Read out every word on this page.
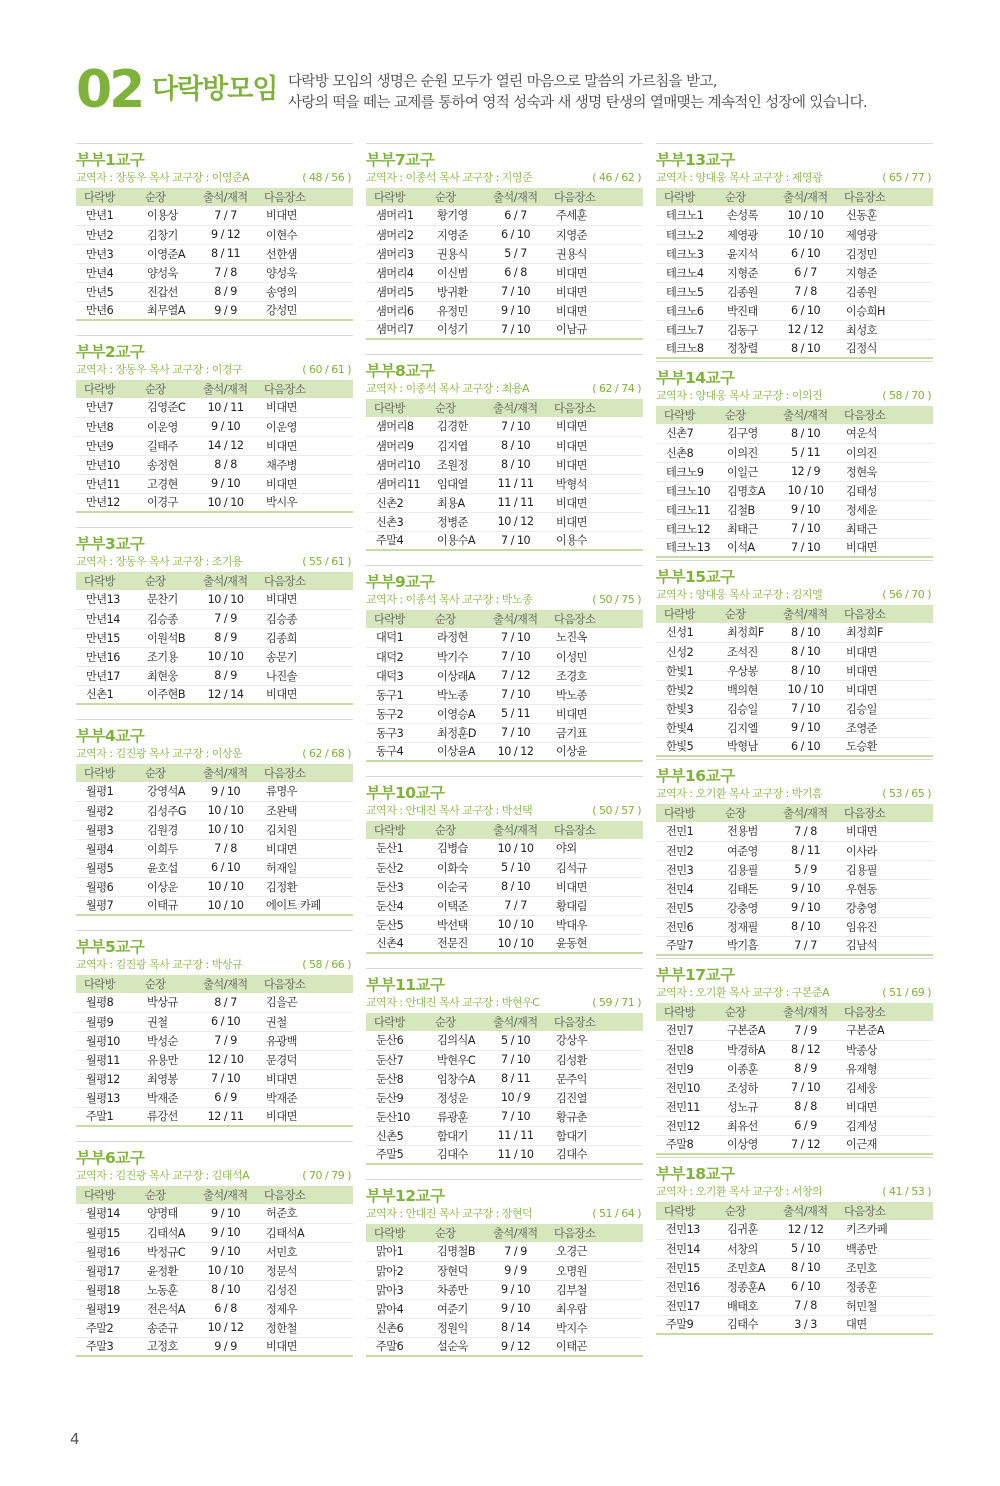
02 다락방모임 다락방 모임의 생명은 순원 모두가 열린 마음으로 말씀의 가르침을 받고,
사랑의 떡을 떼는 교제를 통하여 영적 성숙과 새 생명 탄생의 열매맺는 계속적인 성장에 있습니다.
부부1교구
교역자 : 장동우 목사 교구장 : 이영준A	( 48 / 56 )
다락방	순장	출석/재적	다음장소
만년1	이용상	7 / 7	비대면
만년2	김창기	9 / 12	이현수
만년3	이영준A	8 / 11	선한샘
만년4	양성욱	7 / 8	양성욱
만년5	진갑선	8 / 9	송영의
만년6	최무열A	9 / 9	강성민
부부2교구
교역자 : 장동우 목사 교구장 : 이경구	( 60 / 61 )
다락방	순장	출석/재적	다음장소
만년7	김영준C	10 / 11	비대면
만년8	이운영	9 / 10	이운영
만년9	길태주	14 / 12	비대면
만년10	송정현	8 / 8	채주병
만년11	고경현	9 / 10	비대면
만년12	이경구	10 / 10	박시우
부부3교구
교역자 : 장동우 목사 교구장 : 조기용	( 55 / 61 )
다락방	순장	출석/재적	다음장소
만년13	문찬기	10 / 10	비대면
만년14	김승종	7 / 9	김승종
만년15	이원석B	8 / 9	김종희
만년16	조기용	10 / 10	송문기
만년17	최현웅	8 / 9	나진솔
신촌1	이주현B	12 / 14	비대면
부부4교구
교역자 : 김진광 목사 교구장 : 이상운	( 62 / 68 )
다락방	순장	출석/재적	다음장소
월평1	강영석A	9 / 10	류명우
월평2	김성주G	10 / 10	조완택
월평3	김원경	10 / 10	김치원
월평4	이희두	7 / 8	비대면
월평5	윤호섭	6 / 10	허재일
월평6	이상운	10 / 10	김정환
월평7	이태규	10 / 10	에이트 카페
부부5교구
교역자 : 김진광 목사 교구장 : 박상규	( 58 / 66 )
다락방	순장	출석/재적	다음장소
월평8	박상규	8 / 7	김을곤
월평9	권철	6 / 10	권철
월평10	박성순	7 / 9	유광백
월평11	유용만	12 / 10	문경덕
월평12	최영봉	7 / 10	비대면
월평13	박재준	6 / 9	박재준
주말1	류강선	12 / 11	비대면
부부6교구
교역자 : 김진광 목사 교구장 : 김태석A	( 70 / 79 )
다락방	순장	출석/재적	다음장소
월평14	양명태	9 / 10	허준호
월평15	김태석A	9 / 10	김태석A
월평16	박정규C	9 / 10	서민호
월평17	윤정환	10 / 10	정문석
월평18	노동훈	8 / 10	김성진
월평19	전은석A	6 / 8	정제우
주말2	송준규	10 / 12	정한철
주말3	고정호	9 / 9	비대면
부부7교구
교역자 : 이종석 목사 교구장 : 지영준	( 46 / 62 )
다락방	순장	출석/재적	다음장소
샘머리1	황기영	6 / 7	주세훈
샘머리2	지영준	6 / 10	지영준
샘머리3	권용식	5 / 7	권용식
샘머리4	이신범	6 / 8	비대면
샘머리5	방귀환	7 / 10	비대면
샘머리6	유정민	9 / 10	비대면
샘머리7	이성기	7 / 10	이남규
부부8교구
교역자 : 이종석 목사 교구장 : 최용A	( 62 / 74 )
다락방	순장	출석/재적	다음장소
샘머리8	김경한	7 / 10	비대면
샘머리9	김지엽	8 / 10	비대면
샘머리10	조원정	8 / 10	비대면
샘머리11	임대열	11 / 11	박형석
신촌2	최용A	11 / 11	비대면
신촌3	정병준	10 / 12	비대면
주말4	이용수A	7 / 10	이용수
부부9교구
교역자 : 이종석 목사 교구장 : 박노종	( 50 / 75 )
다락방	순장	출석/재적	다음장소
대덕1	라정현	7 / 10	노진옥
대덕2	박기수	7 / 10	이성민
대덕3	이상래A	7 / 12	조경호
동구1	박노종	7 / 10	박노종
동구2	이영승A	5 / 11	비대면
동구3	최정훈D	7 / 10	금기표
동구4	이상윤A	10 / 12	이상윤
부부10교구
교역자 : 안대진 목사 교구장 : 박선택	( 50 / 57 )
다락방	순장	출석/재적	다음장소
둔산1	김병습	10 / 10	야외
둔산2	이화숙	5 / 10	김석규
둔산3	이순국	8 / 10	비대면
둔산4	이택준	7 / 7	황대림
둔산5	박선택	10 / 10	박대우
신촌4	전문진	10 / 10	윤동현
부부11교구
교역자 : 안대진 목사 교구장 : 박현우C	( 59 / 71 )
다락방	순장	출석/재적	다음장소
둔산6	김의식A	5 / 10	강상우
둔산7	박현우C	7 / 10	김성환
둔산8	임창수A	8 / 11	문주익
둔산9	정성운	10 / 9	김진열
둔산10	류광훈	7 / 10	황규춘
신촌5	함대기	11 / 11	함대기
주말5	김대수	11 / 10	김대수
부부12교구
교역자 : 안대진 목사 교구장 : 장현덕	( 51 / 64 )
다락방	순장	출석/재적	다음장소
맑아1	김명철B	7 / 9	오경근
맑아2	장현덕	9 / 9	오명원
맑아3	차종만	9 / 10	김부철
맑아4	여준기	9 / 10	최우람
신촌6	정원익	8 / 14	박지수
주말6	설순욱	9 / 12	이태곤
부부13교구
교역자 : 양대웅 목사 교구장 : 제영광	( 65 / 77 )
다락방	순장	출석/재적	다음장소
테크노1	손성록	10 / 10	신동훈
테크노2	제영광	10 / 10	제영광
테크노3	윤지석	6 / 10	김정민
테크노4	지형준	6 / 7	지형준
테크노5	김종원	7 / 8	김종원
테크노6	박진태	6 / 10	이승희H
테크노7	김동구	12 / 12	최성호
테크노8	정창렬	8 / 10	김정식
부부14교구
교역자 : 양대웅 목사 교구장 : 이의진	( 58 / 70 )
다락방	순장	출석/재적	다음장소
신촌7	김구영	8 / 10	여운석
신촌8	이의진	5 / 11	이의진
테크노9	이일근	12 / 9	정현욱
테크노10	김명호A	10 / 10	김태성
테크노11	김철B	9 / 10	정세운
테크노12	최태근	7 / 10	최태근
테크노13	이석A	7 / 10	비대면
부부15교구
교역자 : 양대웅 목사 교구장 : 김지엘	( 56 / 70 )
다락방	순장	출석/재적	다음장소
신성1	최정희F	8 / 10	최정희F
신성2	조석진	8 / 10	비대면
한빛1	우상봉	8 / 10	비대면
한빛2	백의현	10 / 10	비대면
한빛3	김승일	7 / 10	김승일
한빛4	김지엘	9 / 10	조영준
한빛5	박형남	6 / 10	도승환
부부16교구
교역자 : 오기환 목사 교구장 : 박기흠	( 53 / 65 )
다락방	순장	출석/재적	다음장소
전민1	전용범	7 / 8	비대면
전민2	여준영	8 / 11	이사라
전민3	김용필	5 / 9	김용필
전민4	김태돈	9 / 10	우현동
전민5	강충영	9 / 10	강충영
전민6	정재필	8 / 10	임유진
주말7	박기흠	7 / 7	김남석
부부17교구
교역자 : 오기환 목사 교구장 : 구본준A	( 51 / 69 )
다락방	순장	출석/재적	다음장소
전민7	구본준A	7 / 9	구본준A
전민8	박경하A	8 / 12	박종상
전민9	이종훈	8 / 9	유재형
전민10	조성하	7 / 10	김세웅
전민11	성노규	8 / 8	비대면
전민12	최유선	6 / 9	김계성
주말8	이상영	7 / 12	이근재
부부18교구
교역자 : 오기환 목사 교구장 : 서창의	( 41 / 53 )
다락방	순장	출석/재적	다음장소
전민13	김귀훈	12 / 12	키즈카페
전민14	서창의	5 / 10	백종만
전민15	조민호A	8 / 10	조민호
전민16	정종훈A	6 / 10	정종훈
전민17	배태호	7 / 8	허민철
주말9	김태수	3 / 3	대면
4
